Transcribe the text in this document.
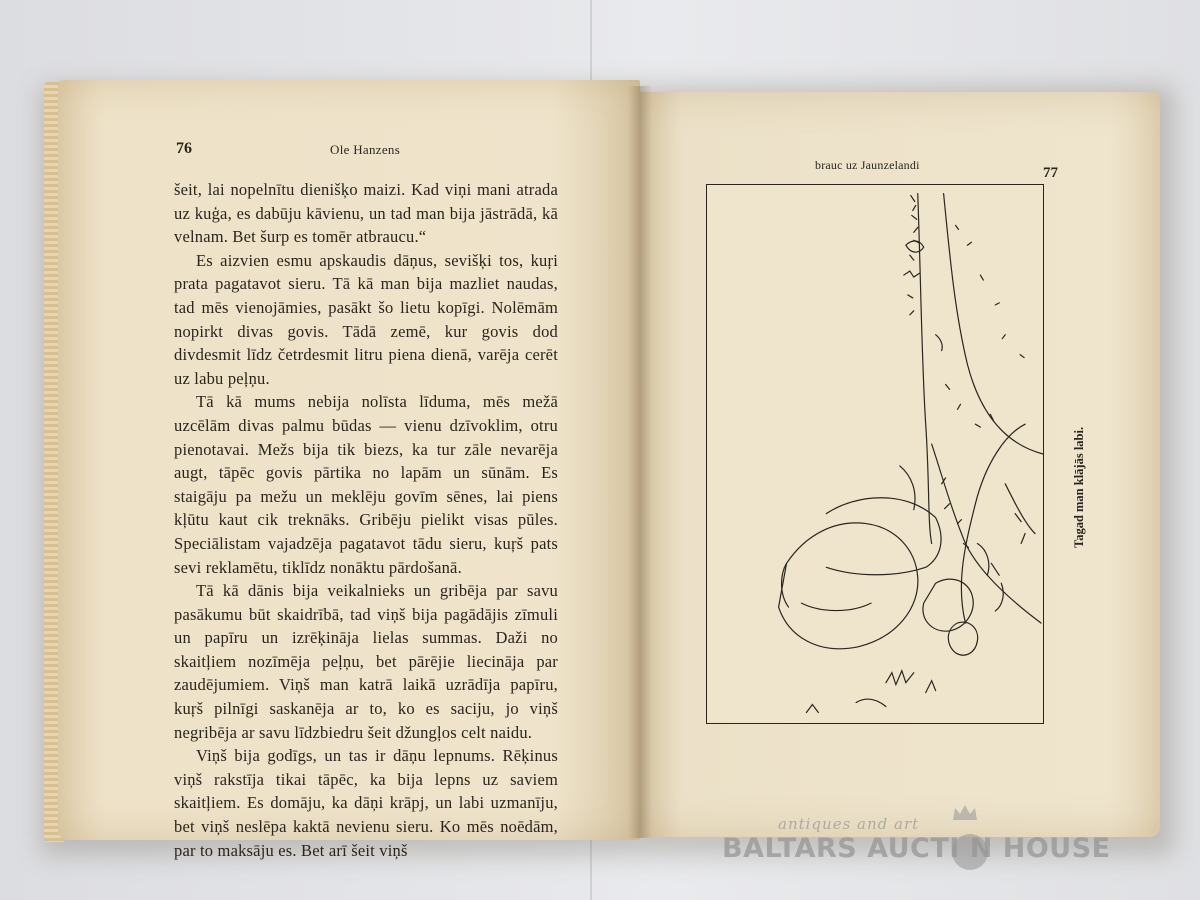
76	Ole Hanzens

šeit, lai nopelnītu dienišķo maizi. Kad viņi mani atrada uz kuģa, es dabūju kāvienu, un tad man bija jāstrādā, kā velnam. Bet šurp es tomēr atbraucu.“

Es aizvien esmu apskaudis dāņus, sevišķi tos, kuŗi prata pagatavot sieru. Tā kā man bija mazliet naudas, tad mēs vienojāmies, pasākt šo lietu kopīgi. Nolēmām nopirkt divas govis. Tādā zemē, kur govis dod divdesmit līdz četrdesmit litru piena dienā, varēja cerēt uz labu peļņu.

Tā kā mums nebija nolīsta līduma, mēs mežā uzcēlām divas palmu būdas — vienu dzīvoklim, otru pienotavai. Mežs bija tik biezs, ka tur zāle nevarēja augt, tāpēc govis pārtika no lapām un sūnām. Es staigāju pa mežu un meklēju govīm sēnes, lai piens kļūtu kaut cik treknāks. Gribēju pielikt visas pūles. Speciālistam vajadzēja pagatavot tādu sieru, kuŗš pats sevi reklamētu, tiklīdz nonāktu pārdošanā.

Tā kā dānis bija veikalnieks un gribēja par savu pasākumu būt skaidrībā, tad viņš bija pagādājis zīmuli un papīru un izrēķināja lielas summas. Daži no skaitļiem nozīmēja peļņu, bet pārējie liecināja par zaudējumiem. Viņš man katrā laikā uzrādīja papīru, kuŗš pilnīgi saskanēja ar to, ko es saciju, jo viņš negribēja ar savu līdzbiedru šeit džungļos celt naidu.

Viņš bija godīgs, un tas ir dāņu lepnums. Rēķinus viņš rakstīja tikai tāpēc, ka bija lepns uz saviem skaitļiem. Es domāju, ka dāņi krāpj, un labi uzmanīju, bet viņš neslēpa kaktā nevienu sieru. Ko mēs noēdām, par to maksāju es. Bet arī šeit viņš

brauc uz Jaunzelandi	77
Tagad man klājās labi.
antiques and art
BALTARS AUCTI N HOUSE
